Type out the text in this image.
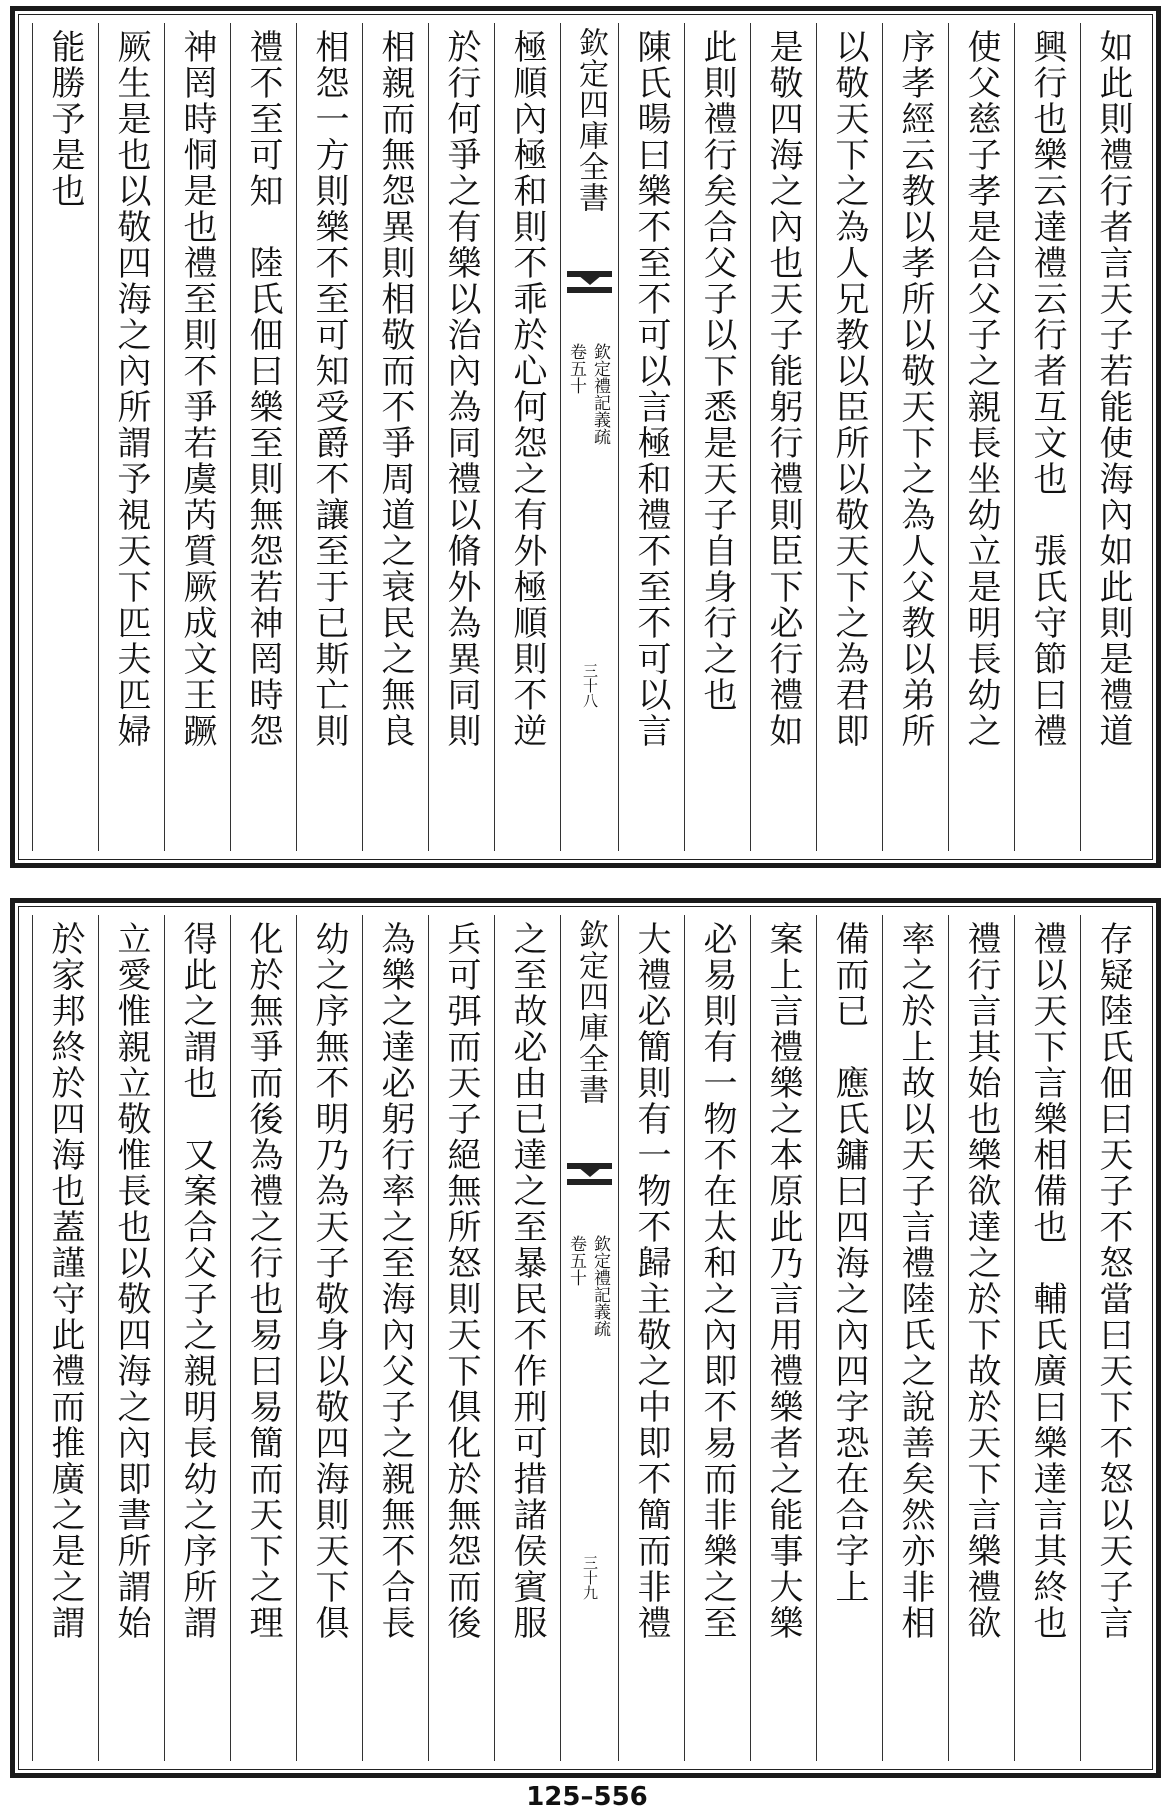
如此則禮行者言天子若能使海內如此則是禮道
興行也樂云達禮云行者互文也　張氏守節曰禮
使父慈子孝是合父子之親長坐幼立是明長幼之
序孝經云教以孝所以敬天下之為人父教以弟所
以敬天下之為人兄教以臣所以敬天下之為君即
是敬四海之內也天子能躬行禮則臣下必行禮如
此則禮行矣合父子以下悉是天子自身行之也
陳氏暘曰樂不至不可以言極和禮不至不可以言
欽定四庫全書
欽定禮記義疏
卷五十
三十八
極順內極和則不乖於心何怨之有外極順則不逆
於行何爭之有樂以治內為同禮以脩外為異同則
相親而無怨異則相敬而不爭周道之衰民之無良
相怨一方則樂不至可知受爵不讓至于已斯亡則
禮不至可知　陸氏佃曰樂至則無怨若神罔時怨
神罔時恫是也禮至則不爭若虞芮質厥成文王蹶
厥生是也以敬四海之內所謂予視天下匹夫匹婦
能勝予是也
存疑陸氏佃曰天子不怒當曰天下不怒以天子言
禮以天下言樂相備也　輔氏廣曰樂達言其終也
禮行言其始也樂欲達之於下故於天下言樂禮欲
率之於上故以天子言禮陸氏之說善矣然亦非相
備而已　應氏鏞曰四海之內四字恐在合字上
案上言禮樂之本原此乃言用禮樂者之能事大樂
必易則有一物不在太和之內即不易而非樂之至
大禮必簡則有一物不歸主敬之中即不簡而非禮
欽定四庫全書
欽定禮記義疏
卷五十
三十九
之至故必由已達之至暴民不作刑可措諸侯賓服
兵可弭而天子絕無所怒則天下俱化於無怨而後
為樂之達必躬行率之至海內父子之親無不合長
幼之序無不明乃為天子敬身以敬四海則天下俱
化於無爭而後為禮之行也易曰易簡而天下之理
得此之謂也　又案合父子之親明長幼之序所謂
立愛惟親立敬惟長也以敬四海之內即書所謂始
於家邦終於四海也蓋謹守此禮而推廣之是之謂
125–556
